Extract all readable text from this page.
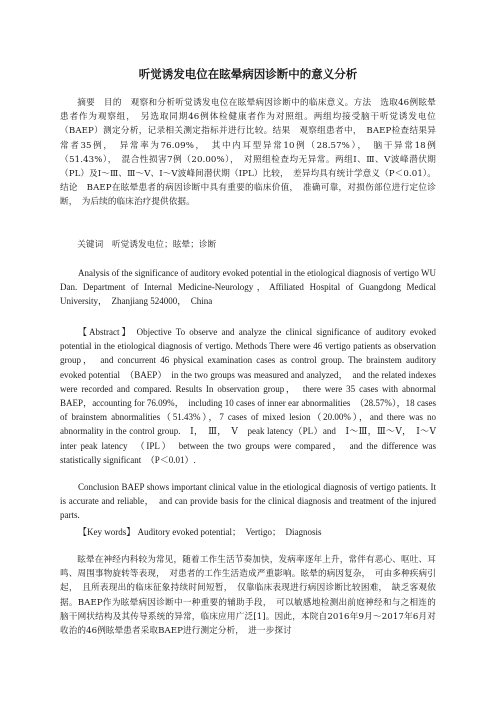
听觉诱发电位在眩晕病因诊断中的意义分析
摘要　目的　观察和分析听觉诱发电位在眩晕病因诊断中的临床意义。方法　选取46例眩晕患者作为观察组，　另选取同期46例体检健康者作为对照组。两组均接受脑干听觉诱发电位（BAEP）测定分析，记录相关测定指标并进行比较。结果　观察组患者中，　BAEP检查结果异常者35例，　异常率为76.09%，　其中内耳型异常10例（28.57%），　脑干异常18例（51.43%），　混合性损害7例（20.00%），　对照组检查均无异常。两组Ⅰ、Ⅲ、Ⅴ波峰潜伏期（PL）及Ⅰ～Ⅲ、Ⅲ～Ⅴ、Ⅰ～Ⅴ波峰间潜伏期（IPL）比较，　差异均具有统计学意义（P＜0.01）。结论　BAEP在眩晕患者的病因诊断中具有重要的临床价值，　准确可靠，对损伤部位进行定位诊断，　为后续的临床治疗提供依据。
关键词　听觉诱发电位；眩晕；诊断
Analysis of the significance of auditory evoked potential in the etiological diagnosis of vertigo WU Dan. Department of Internal Medicine-Neurology，Affiliated Hospital of Guangdong Medical University，　Zhanjiang 524000，　China
【Abstract】 Objective To observe and analyze the clinical significance of auditory evoked potential in the etiological diagnosis of vertigo. Methods There were 46 vertigo patients as observation group，　and concurrent 46 physical examination cases as control group. The brainstem auditory evoked potential　（BAEP）　in the two groups was measured and analyzed，　and the related indexes were recorded and compared. Results In observation group，　there were 35 cases with abnormal BAEP，accounting for 76.09%，　including 10 cases of inner ear abnormalities　（28.57%），18 cases of brainstem abnormalities（51.43%），7 cases of mixed lesion（20.00%），and there was no abnormality in the control group.　Ⅰ，　Ⅲ，　Ⅴ　peak latency（PL）and　Ⅰ～Ⅲ，Ⅲ～Ⅴ，　Ⅰ～Ⅴ　inter peak latency　（IPL）　between the two groups were compared，　and the difference was statistically significant　（P＜0.01）.
Conclusion BAEP shows important clinical value in the etiological diagnosis of vertigo patients. It is accurate and reliable，　and can provide basis for the clinical diagnosis and treatment of the injured parts.
【Key words】 Auditory evoked potential；　Vertigo；　Diagnosis
眩晕在神经内科较为常见，随着工作生活节奏加快，发病率逐年上升，常伴有恶心、呕吐、耳鸣、周围事物旋转等表现，　对患者的工作生活造成严重影响。眩晕的病因复杂，　可由多种疾病引起，　且所表现出的临床征象持续时间短暂，　仅靠临床表现进行病因诊断比较困难，　缺乏客观依据。BAEP作为眩晕病因诊断中一种重要的辅助手段，　可以敏感地检测出前庭神经和与之相连的脑干网状结构及其传导系统的异常，临床应用广泛[1]。因此，本院自2016年9月～2017年6月对收治的46例眩晕患者采取BAEP进行测定分析，　进一步探讨
